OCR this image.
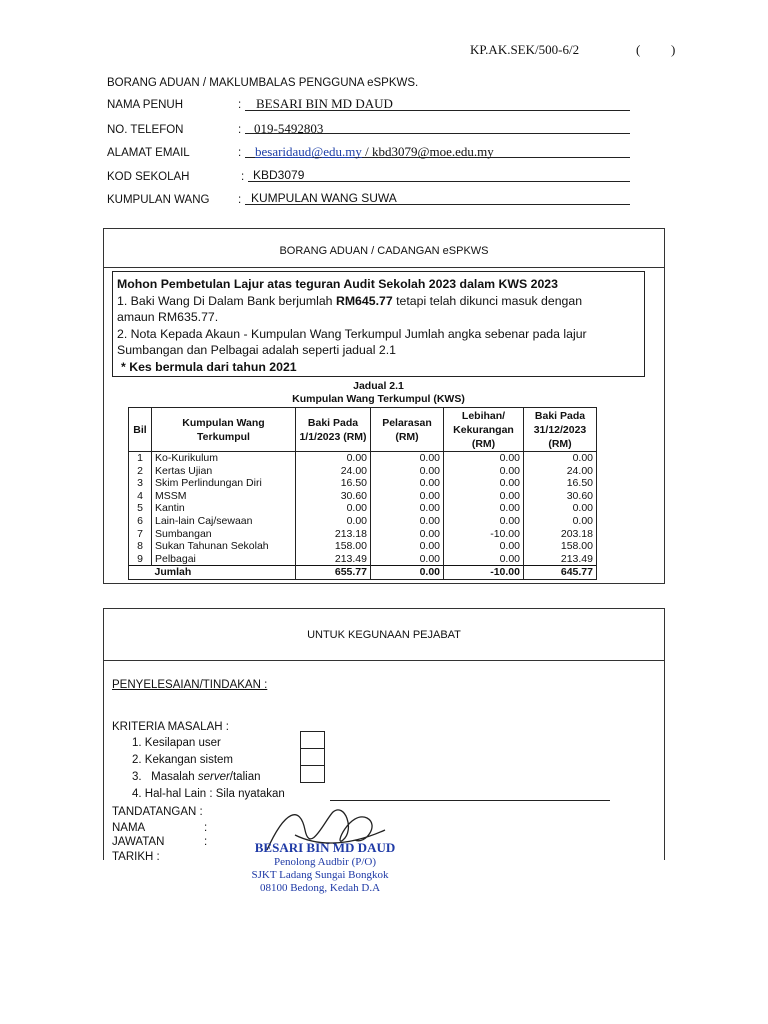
KP.AK.SEK/500-6/2	( )
BORANG ADUAN / MAKLUMBALAS PENGGUNA eSPKWS.
NAMA PENUH	: BESARI BIN MD DAUD
NO. TELEFON	: 019-5492803
ALAMAT EMAIL	: besaridaud@edu.my / kbd3079@moe.edu.my
KOD SEKOLAH	: KBD3079
KUMPULAN WANG : KUMPULAN WANG SUWA
BORANG ADUAN / CADANGAN eSPKWS
Mohon Pembetulan Lajur atas teguran Audit Sekolah 2023 dalam KWS 2023
1. Baki Wang Di Dalam Bank berjumlah RM645.77 tetapi telah dikunci masuk dengan
amaun RM635.77.
2. Nota Kepada Akaun - Kumpulan Wang Terkumpul Jumlah angka sebenar pada lajur
Sumbangan dan Pelbagai adalah seperti jadual 2.1
* Kes bermula dari tahun 2021
Jadual 2.1
Kumpulan Wang Terkumpul (KWS)
Bil	Kumpulan Wang Terkumpul	Baki Pada 1/1/2023 (RM)	Pelarasan (RM)	Lebihan/ Kekurangan (RM)	Baki Pada 31/12/2023 (RM)
1	Ko-Kurikulum	0.00	0.00	0.00	0.00
2	Kertas Ujian	24.00	0.00	0.00	24.00
3	Skim Perlindungan Diri	16.50	0.00	0.00	16.50
4	MSSM	30.60	0.00	0.00	30.60
5	Kantin	0.00	0.00	0.00	0.00
6	Lain-lain Caj/sewaan	0.00	0.00	0.00	0.00
7	Sumbangan	213.18	0.00	-10.00	203.18
8	Sukan Tahunan Sekolah	158.00	0.00	0.00	158.00
9	Pelbagai	213.49	0.00	0.00	213.49
	Jumlah	655.77	0.00	-10.00	645.77
UNTUK KEGUNAAN PEJABAT
PENYELESAIAN/TINDAKAN :
KRITERIA MASALAH :
1. Kesilapan user
2. Kekangan sistem
3.   Masalah server/talian
4. Hal-hal Lain : Sila nyatakan
TANDATANGAN :
NAMA	:
JAWATAN	:
TARIKH :
BESARI BIN MD DAUD
Penolong Audbir (P/O)
SJKT Ladang Sungai Bongkok
08100 Bedong, Kedah D.A
